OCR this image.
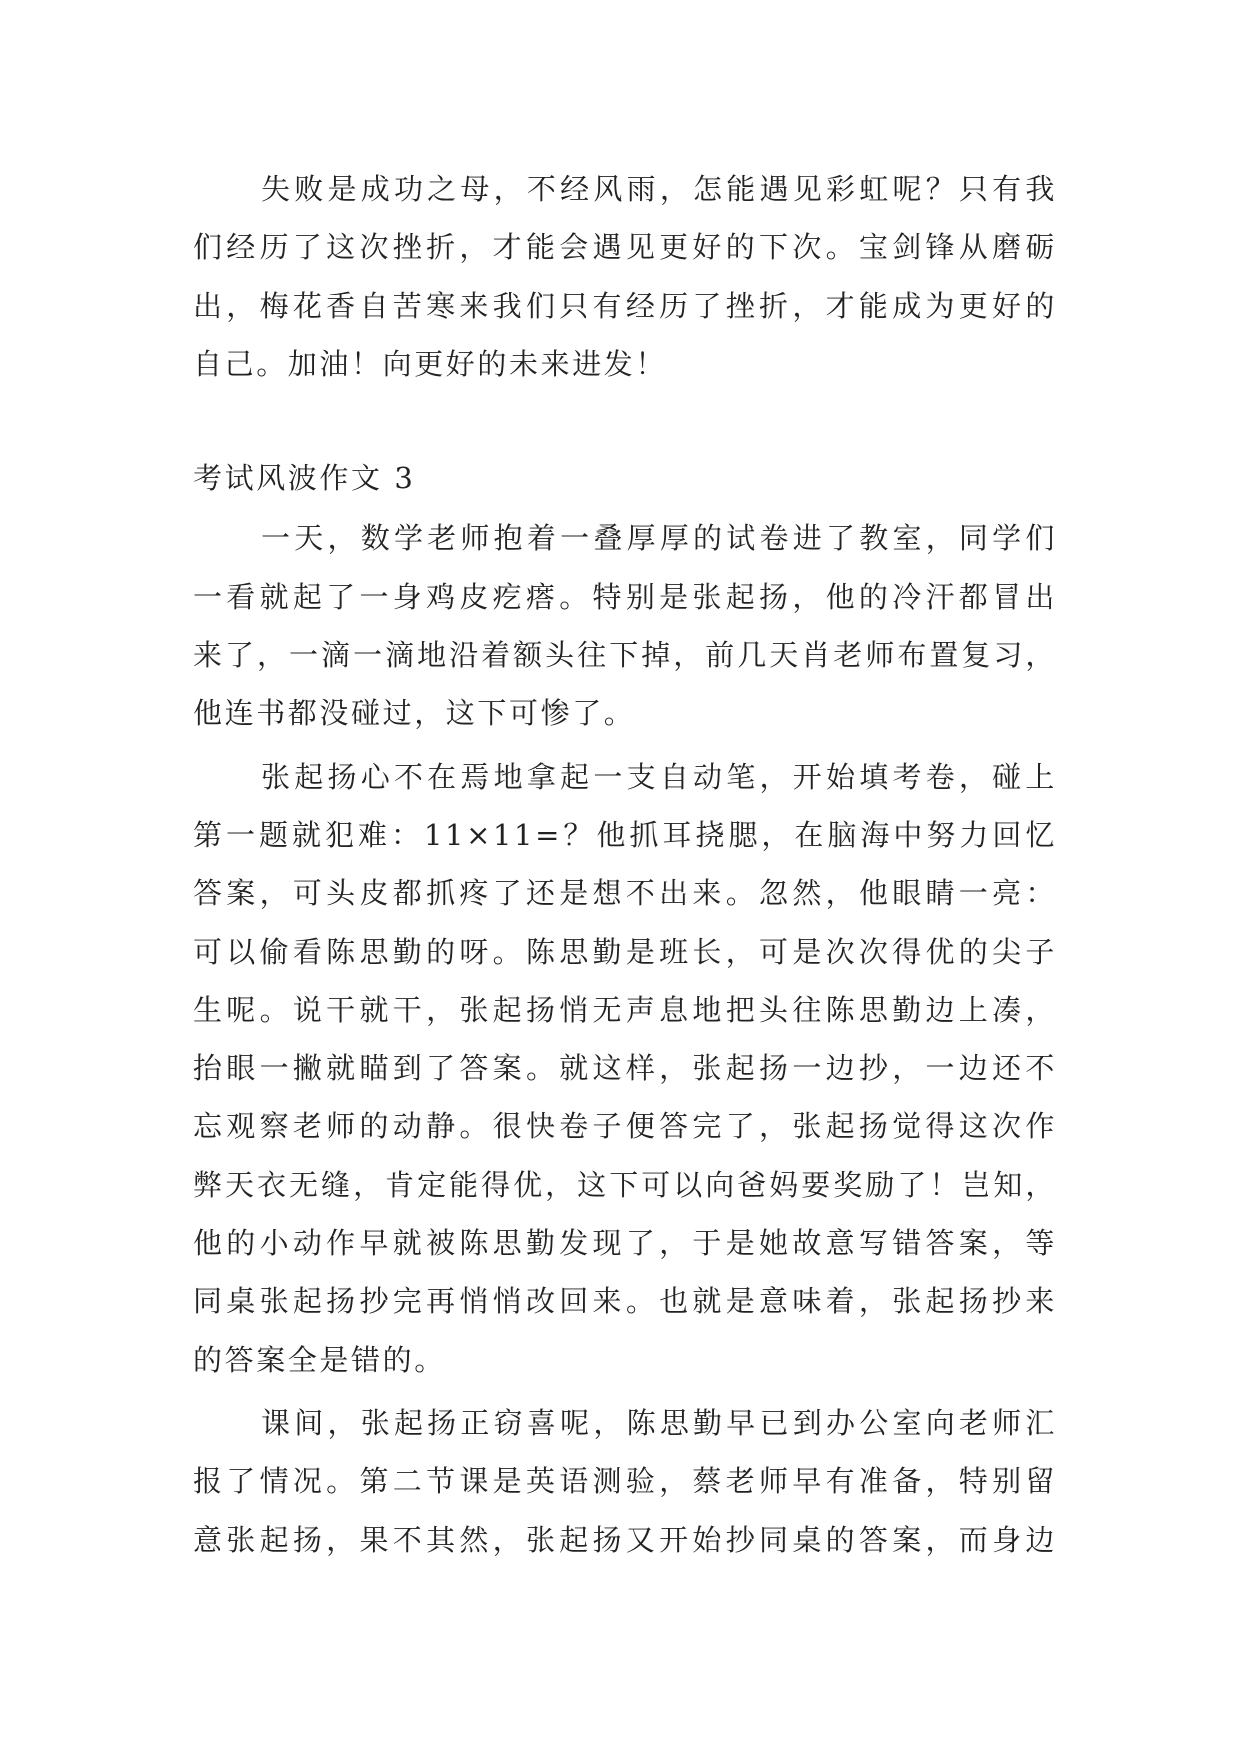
失败是成功之母，不经风雨，怎能遇见彩虹呢？只有我
们经历了这次挫折，才能会遇见更好的下次。宝剑锋从磨砺
出，梅花香自苦寒来我们只有经历了挫折，才能成为更好的
自己。加油！向更好的未来进发！
考试风波作文 3
一天，数学老师抱着一叠厚厚的试卷进了教室，同学们
一看就起了一身鸡皮疙瘩。特别是张起扬，他的冷汗都冒出
来了，一滴一滴地沿着额头往下掉，前几天肖老师布置复习，
他连书都没碰过，这下可惨了。
张起扬心不在焉地拿起一支自动笔，开始填考卷，碰上
第一题就犯难：11×11=？他抓耳挠腮，在脑海中努力回忆
答案，可头皮都抓疼了还是想不出来。忽然，他眼睛一亮：
可以偷看陈思勤的呀。陈思勤是班长，可是次次得优的尖子
生呢。说干就干，张起扬悄无声息地把头往陈思勤边上凑，
抬眼一撇就瞄到了答案。就这样，张起扬一边抄，一边还不
忘观察老师的动静。很快卷子便答完了，张起扬觉得这次作
弊天衣无缝，肯定能得优，这下可以向爸妈要奖励了！岂知，
他的小动作早就被陈思勤发现了，于是她故意写错答案，等
同桌张起扬抄完再悄悄改回来。也就是意味着，张起扬抄来
的答案全是错的。
课间，张起扬正窃喜呢，陈思勤早已到办公室向老师汇
报了情况。第二节课是英语测验，蔡老师早有准备，特别留
意张起扬，果不其然，张起扬又开始抄同桌的答案，而身边
